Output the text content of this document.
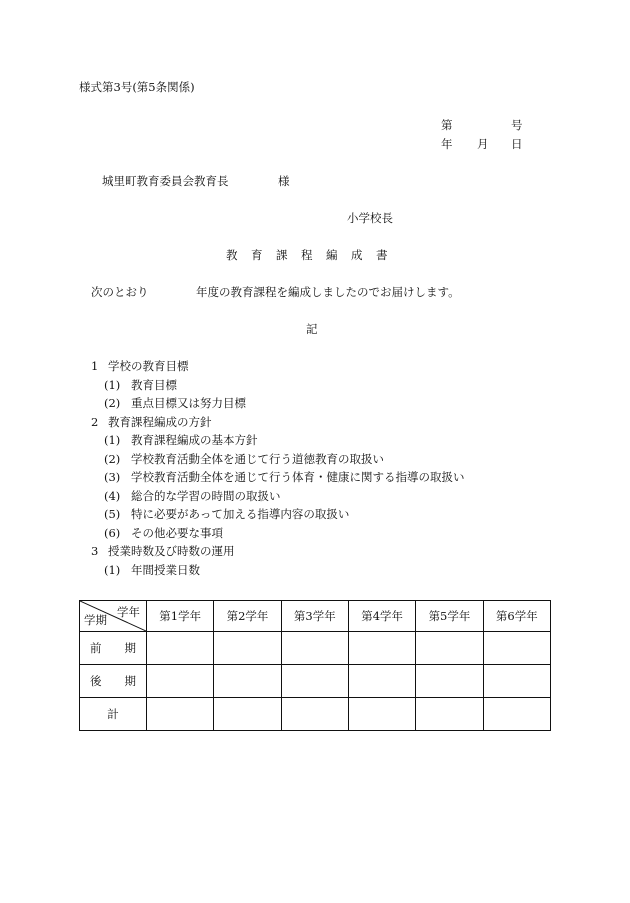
様式第3号(第5条関係)
第	号
年 月 日
城里町教育委員会教育長	様
小学校長
教　育　課　程　編　成　書
次のとおり	年度の教育課程を編成しましたのでお届けします。
記
1 学校の教育目標
(1) 教育目標
(2) 重点目標又は努力目標
2 教育課程編成の方針
(1) 教育課程編成の基本方針
(2) 学校教育活動全体を通じて行う道徳教育の取扱い
(3) 学校教育活動全体を通じて行う体育・健康に関する指導の取扱い
(4) 総合的な学習の時間の取扱い
(5) 特に必要があって加える指導内容の取扱い
(6) その他必要な事項
3 授業時数及び時数の運用
(1) 年間授業日数
学年
学期	第1学年	第2学年	第3学年	第4学年	第5学年	第6学年
前　　期						
後　　期						
計						
